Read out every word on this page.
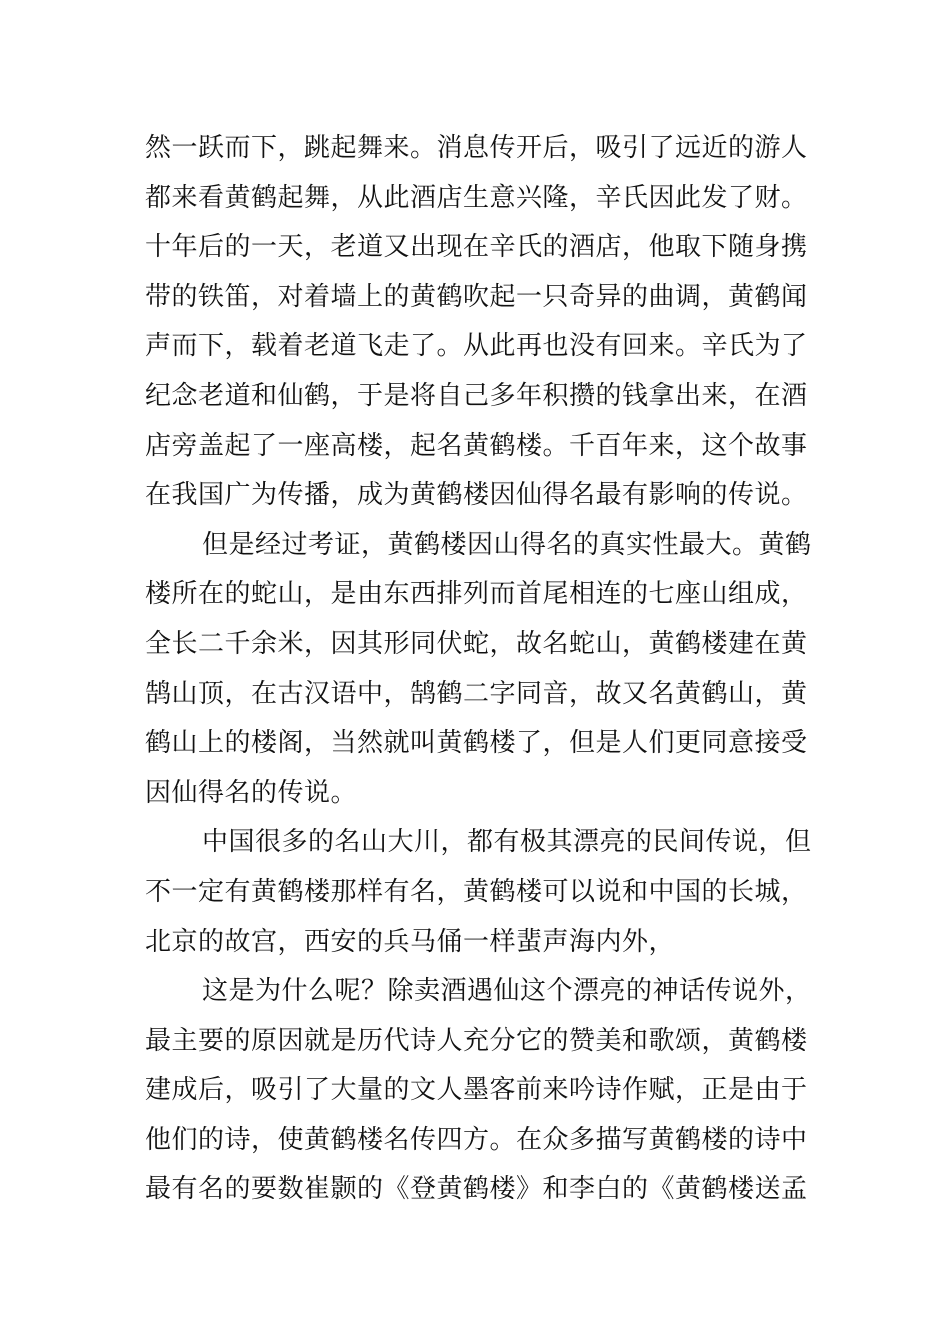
然一跃而下，跳起舞来。消息传开后，吸引了远近的游人
都来看黄鹤起舞，从此酒店生意兴隆，辛氏因此发了财。
十年后的一天，老道又出现在辛氏的酒店，他取下随身携
带的铁笛，对着墙上的黄鹤吹起一只奇异的曲调，黄鹤闻
声而下，载着老道飞走了。从此再也没有回来。辛氏为了
纪念老道和仙鹤，于是将自己多年积攒的钱拿出来，在酒
店旁盖起了一座高楼，起名黄鹤楼。千百年来，这个故事
在我国广为传播，成为黄鹤楼因仙得名最有影响的传说。

但是经过考证，黄鹤楼因山得名的真实性最大。黄鹤
楼所在的蛇山，是由东西排列而首尾相连的七座山组成，
全长二千余米，因其形同伏蛇，故名蛇山，黄鹤楼建在黄
鹄山顶，在古汉语中，鹄鹤二字同音，故又名黄鹤山，黄
鹤山上的楼阁，当然就叫黄鹤楼了，但是人们更同意接受
因仙得名的传说。

中国很多的名山大川，都有极其漂亮的民间传说，但
不一定有黄鹤楼那样有名，黄鹤楼可以说和中国的长城，
北京的故宫，西安的兵马俑一样蜚声海内外，

这是为什么呢？除卖酒遇仙这个漂亮的神话传说外，
最主要的原因就是历代诗人充分它的赞美和歌颂，黄鹤楼
建成后，吸引了大量的文人墨客前来吟诗作赋，正是由于
他们的诗，使黄鹤楼名传四方。在众多描写黄鹤楼的诗中
最有名的要数崔颢的《登黄鹤楼》和李白的《黄鹤楼送孟
